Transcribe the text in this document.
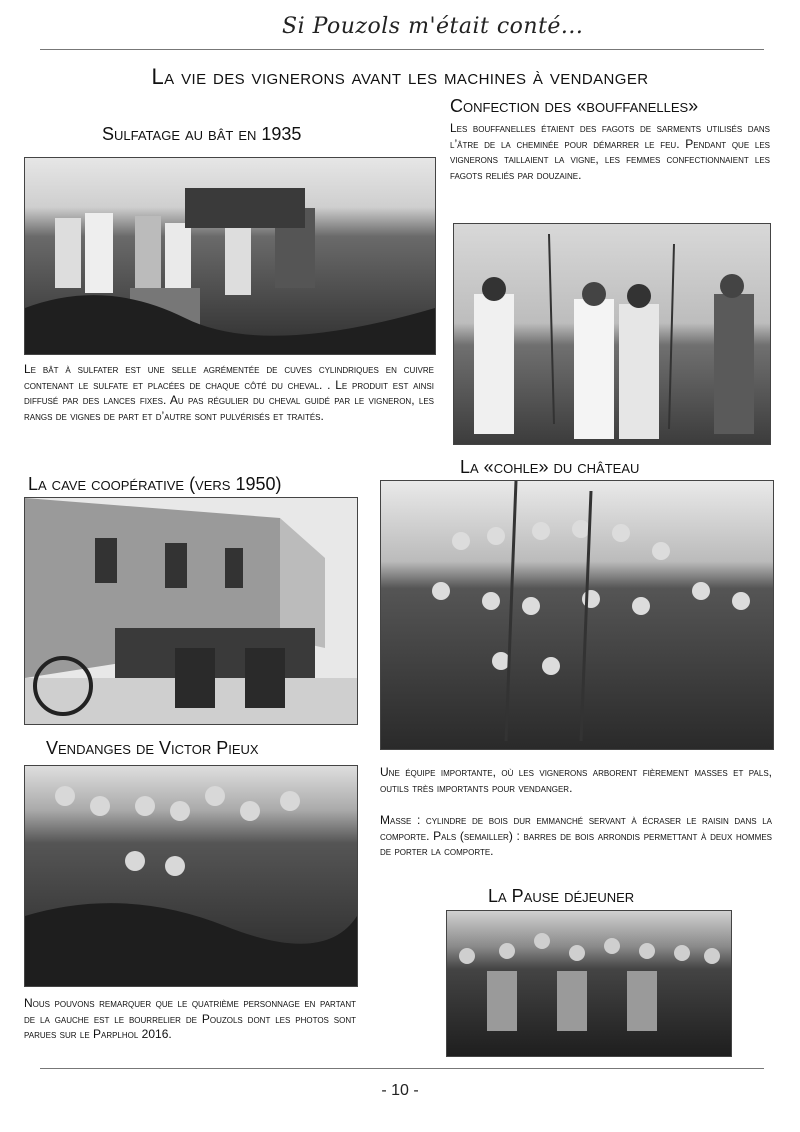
Si Pouzols m'était conté...
La vie des vignerons avant les machines à vendanger
Sulfatage au bât en 1935

Le bât à sulfater est une selle agrémentée de cuves cylindriques en cuivre contenant le sulfate et placées de chaque côté du cheval. . Le produit est ainsi diffusé par des lances fixes. Au pas régulier du cheval guidé par le vigneron, les rangs de vignes de part et d’autre sont pulvérisés et traités.

Confection des «bouffanelles»

Les bouffanelles étaient des fagots de sarments utilisés dans l’âtre de la cheminée pour démarrer le feu. Pendant que les vignerons taillaient la vigne, les femmes confectionnaient les fagots reliés par douzaine.

La cave coopérative (vers 1950)
La «cohle» du château

Une équipe importante, où les vignerons arborent fièrement masses et pals, outils très importants pour vendanger.

Masse : cylindre de bois dur emmanché servant à écraser le raisin dans la comporte. Pals (semailler) : barres de bois arrondis permettant à deux hommes de porter la comporte.

Vendanges de Victor Pieux

Nous pouvons remarquer que le quatrième personnage en partant de la gauche est le bourrelier de Pouzols dont les photos sont parues sur le Parplhol 2016.

La Pause déjeuner
- 10 -
